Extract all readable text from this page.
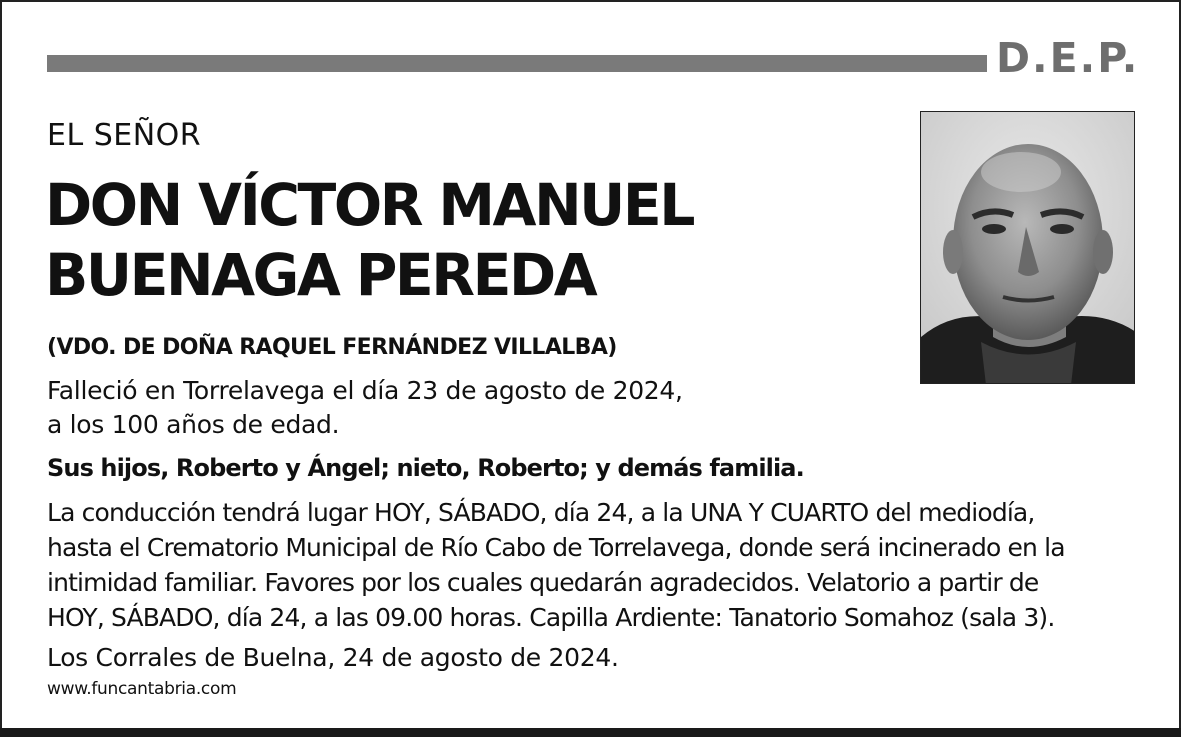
D.E.P.
EL SEÑOR
DON VÍCTOR MANUEL
BUENAGA PEREDA
(VDO. DE DOÑA RAQUEL FERNÁNDEZ VILLALBA)
Falleció en Torrelavega el día 23 de agosto de 2024,
a los 100 años de edad.
Sus hijos, Roberto y Ángel; nieto, Roberto; y demás familia.
La conducción tendrá lugar HOY, SÁBADO, día 24, a la UNA Y CUARTO del mediodía,
hasta el Crematorio Municipal de Río Cabo de Torrelavega, donde será incinerado en la
intimidad familiar. Favores por los cuales quedarán agradecidos. Velatorio a partir de
HOY, SÁBADO, día 24, a las 09.00 horas. Capilla Ardiente: Tanatorio Somahoz (sala 3).
Los Corrales de Buelna, 24 de agosto de 2024.
www.funcantabria.com
